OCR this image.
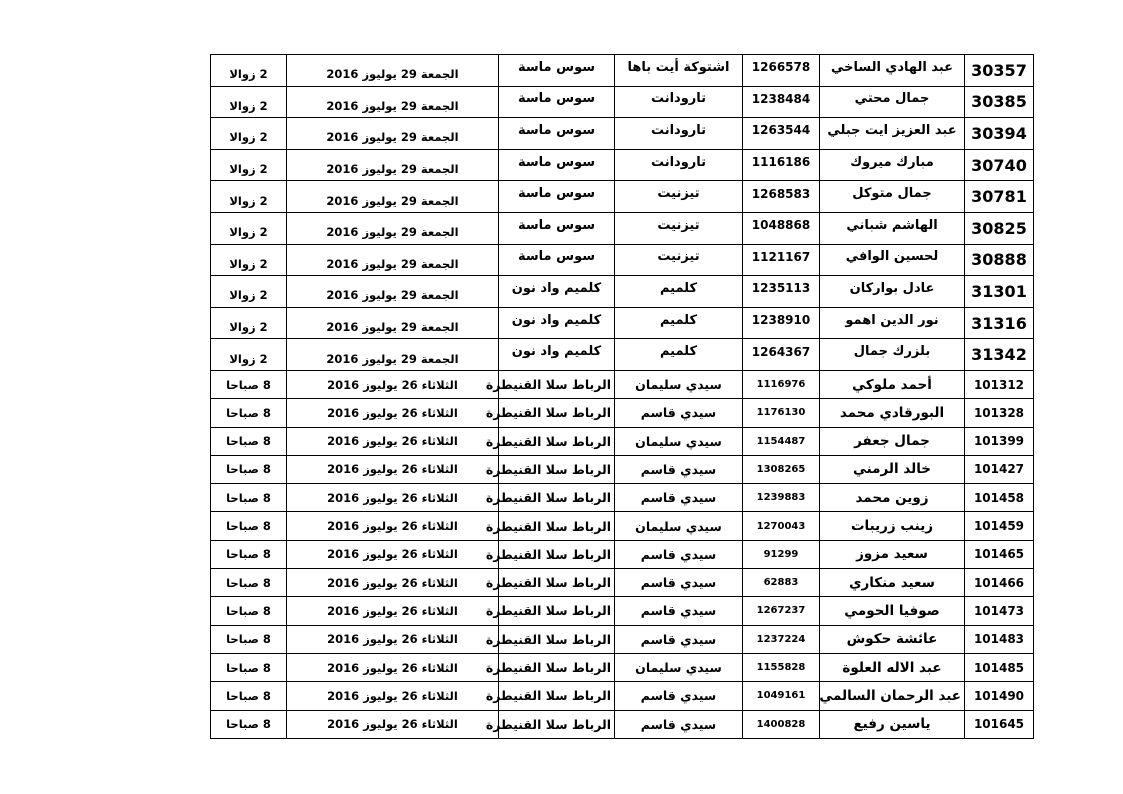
2 زوالا	الجمعة 29 يوليوز 2016	سوس ماسة	اشتوكة أيت باها	1266578	عبد الهادي الساخي	30357
2 زوالا	الجمعة 29 يوليوز 2016	سوس ماسة	تارودانت	1238484	جمال محتي	30385
2 زوالا	الجمعة 29 يوليوز 2016	سوس ماسة	تارودانت	1263544	عبد العزيز ايت جبلي	30394
2 زوالا	الجمعة 29 يوليوز 2016	سوس ماسة	تارودانت	1116186	مبارك ميروك	30740
2 زوالا	الجمعة 29 يوليوز 2016	سوس ماسة	تيزنيت	1268583	جمال متوكل	30781
2 زوالا	الجمعة 29 يوليوز 2016	سوس ماسة	تيزنيت	1048868	الهاشم شباني	30825
2 زوالا	الجمعة 29 يوليوز 2016	سوس ماسة	تيزنيت	1121167	لحسين الوافي	30888
2 زوالا	الجمعة 29 يوليوز 2016	كلميم واد نون	كلميم	1235113	عادل بواركان	31301
2 زوالا	الجمعة 29 يوليوز 2016	كلميم واد نون	كلميم	1238910	نور الدين اهمو	31316
2 زوالا	الجمعة 29 يوليوز 2016	كلميم واد نون	كلميم	1264367	بلزرك جمال	31342
8 صباحا	الثلاثاء 26 يوليوز 2016	الرباط سلا القنيطرة	سيدي سليمان	1116976	أحمد ملوكي	101312
8 صباحا	الثلاثاء 26 يوليوز 2016	الرباط سلا القنيطرة	سيدي قاسم	1176130	البورقادي محمد	101328
8 صباحا	الثلاثاء 26 يوليوز 2016	الرباط سلا القنيطرة	سيدي سليمان	1154487	جمال جعفر	101399
8 صباحا	الثلاثاء 26 يوليوز 2016	الرباط سلا القنيطرة	سيدي قاسم	1308265	خالد الرمني	101427
8 صباحا	الثلاثاء 26 يوليوز 2016	الرباط سلا القنيطرة	سيدي قاسم	1239883	زوين محمد	101458
8 صباحا	الثلاثاء 26 يوليوز 2016	الرباط سلا القنيطرة	سيدي سليمان	1270043	زينب زريبات	101459
8 صباحا	الثلاثاء 26 يوليوز 2016	الرباط سلا القنيطرة	سيدي قاسم	91299	سعيد مزوز	101465
8 صباحا	الثلاثاء 26 يوليوز 2016	الرباط سلا القنيطرة	سيدي قاسم	62883	سعيد منكاري	101466
8 صباحا	الثلاثاء 26 يوليوز 2016	الرباط سلا القنيطرة	سيدي قاسم	1267237	صوفيا الحومي	101473
8 صباحا	الثلاثاء 26 يوليوز 2016	الرباط سلا القنيطرة	سيدي قاسم	1237224	عائشة حكوش	101483
8 صباحا	الثلاثاء 26 يوليوز 2016	الرباط سلا القنيطرة	سيدي سليمان	1155828	عبد الاله العلوة	101485
8 صباحا	الثلاثاء 26 يوليوز 2016	الرباط سلا القنيطرة	سيدي قاسم	1049161	عبد الرحمان السالمي	101490
8 صباحا	الثلاثاء 26 يوليوز 2016	الرباط سلا القنيطرة	سيدي قاسم	1400828	ياسين رفيع	101645
